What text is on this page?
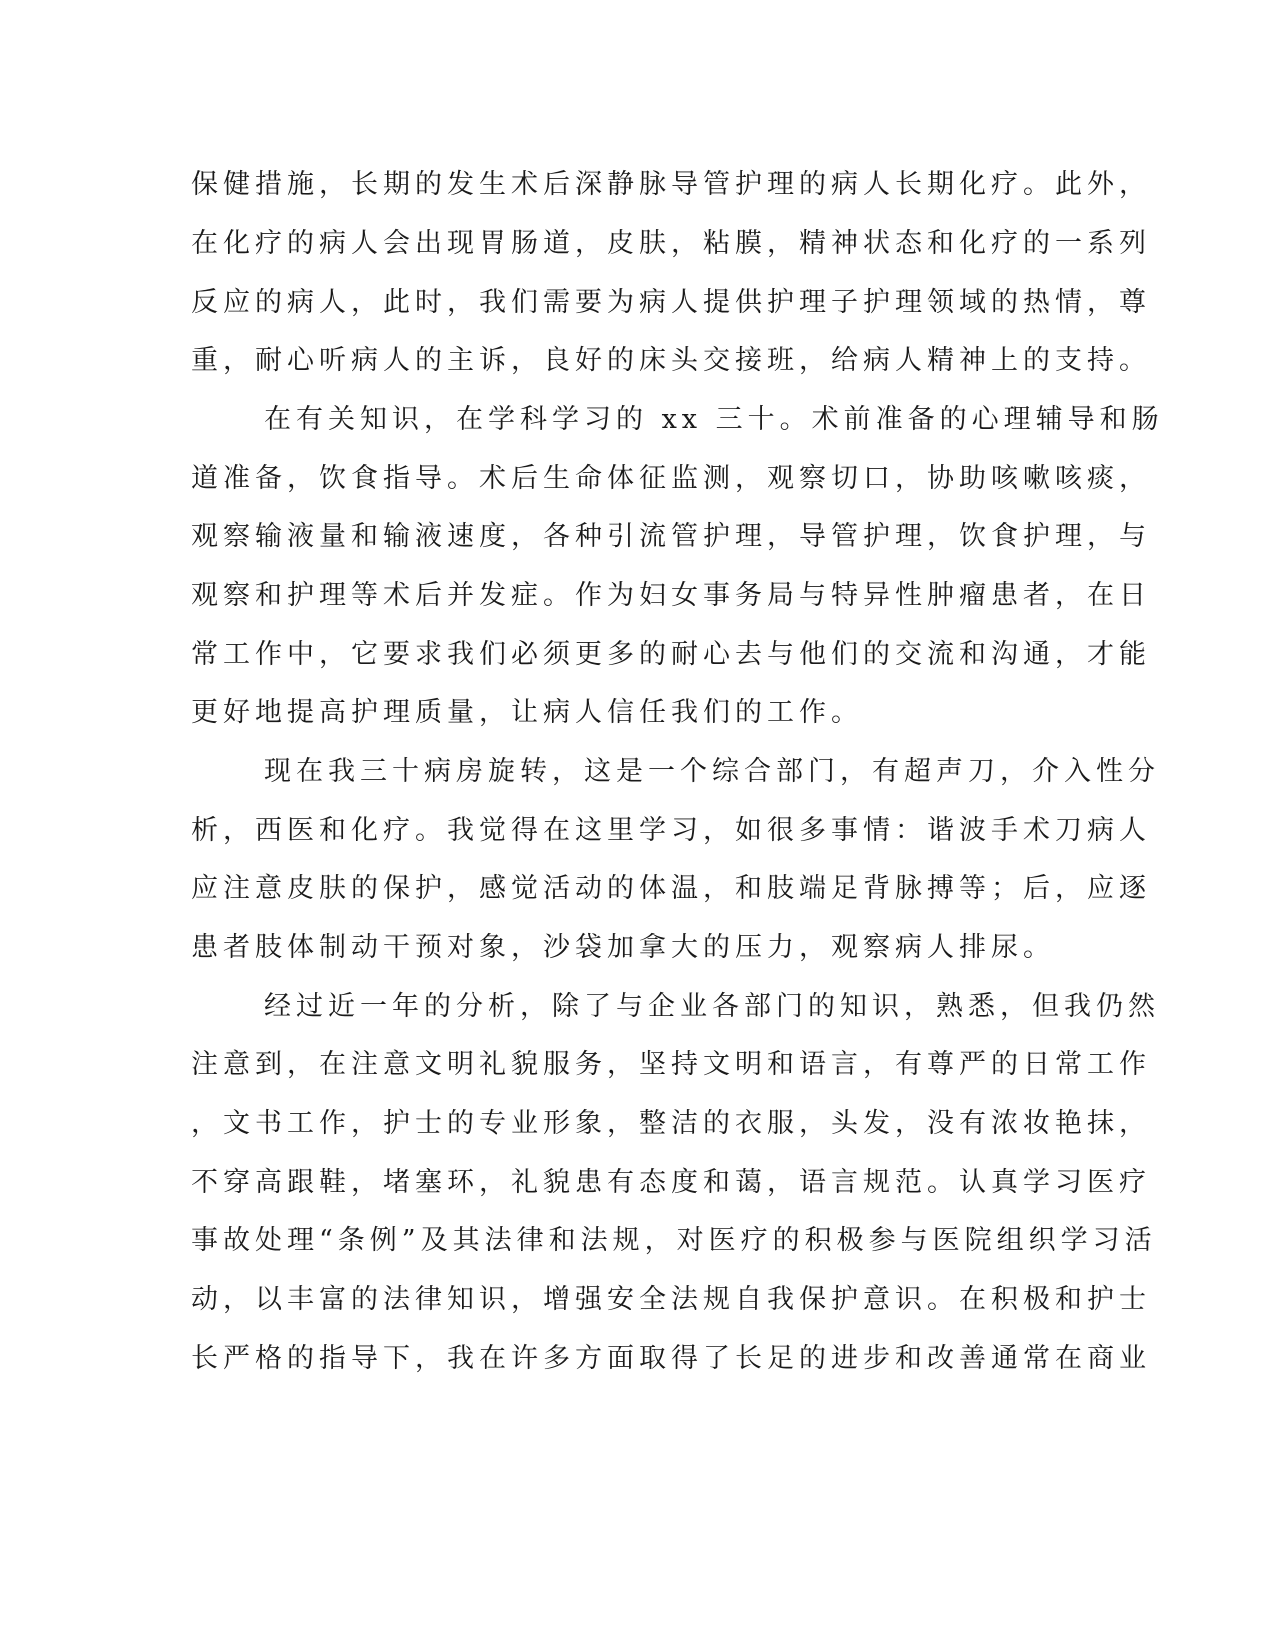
保健措施，长期的发生术后深静脉导管护理的病人长期化疗。此外，

在化疗的病人会出现胃肠道，皮肤，粘膜，精神状态和化疗的一系列

反应的病人，此时，我们需要为病人提供护理子护理领域的热情，尊

重，耐心听病人的主诉，良好的床头交接班，给病人精神上的支持。

在有关知识，在学科学习的 xx 三十。术前准备的心理辅导和肠

道准备，饮食指导。术后生命体征监测，观察切口，协助咳嗽咳痰，

观察输液量和输液速度，各种引流管护理，导管护理，饮食护理，与

观察和护理等术后并发症。作为妇女事务局与特异性肿瘤患者，在日

常工作中，它要求我们必须更多的耐心去与他们的交流和沟通，才能

更好地提高护理质量，让病人信任我们的工作。

现在我三十病房旋转，这是一个综合部门，有超声刀，介入性分

析，西医和化疗。我觉得在这里学习，如很多事情：谐波手术刀病人

应注意皮肤的保护，感觉活动的体温，和肢端足背脉搏等；后，应逐

患者肢体制动干预对象，沙袋加拿大的压力，观察病人排尿。

经过近一年的分析，除了与企业各部门的知识，熟悉，但我仍然

注意到，在注意文明礼貌服务，坚持文明和语言，有尊严的日常工作

，文书工作，护士的专业形象，整洁的衣服，头发，没有浓妆艳抹，

不穿高跟鞋，堵塞环，礼貌患有态度和蔼，语言规范。认真学习医疗

事故处理“条例”及其法律和法规，对医疗的积极参与医院组织学习活

动，以丰富的法律知识，增强安全法规自我保护意识。在积极和护士

长严格的指导下，我在许多方面取得了长足的进步和改善通常在商业
